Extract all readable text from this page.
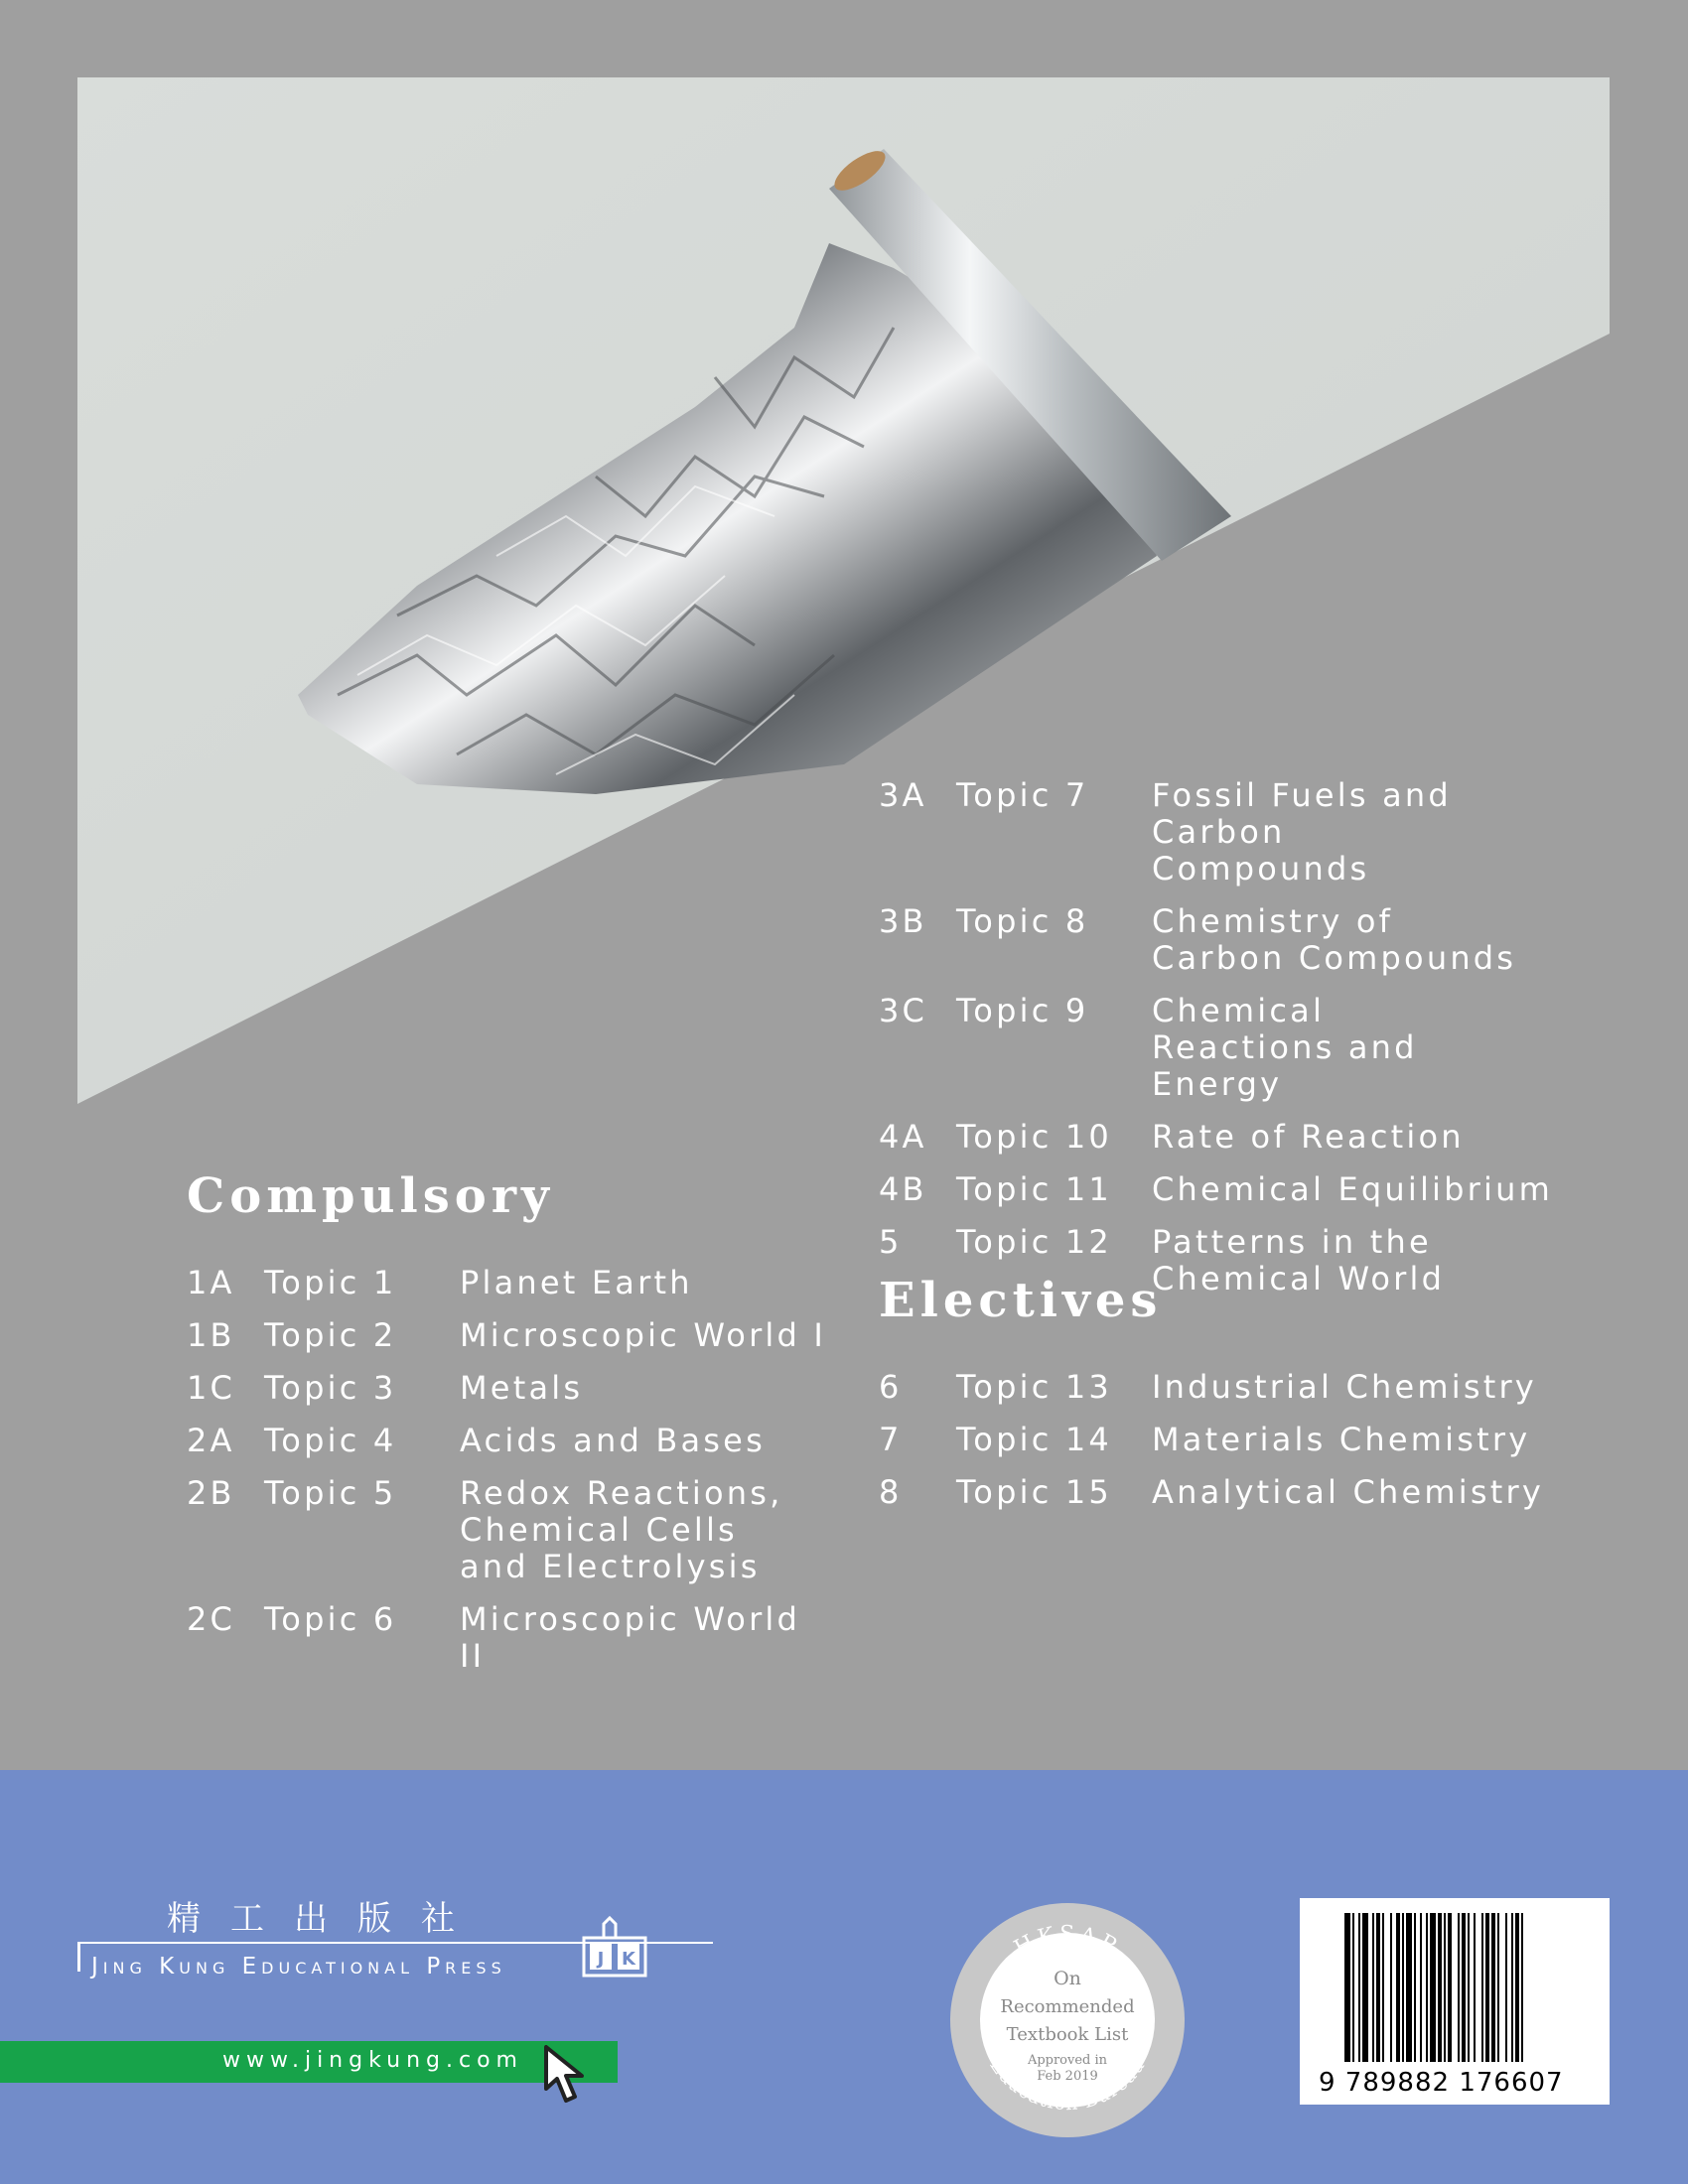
Compulsory
1A Topic 1	Planet Earth
1B Topic 2	Microscopic World I
1C Topic 3	Metals
2A Topic 4	Acids and Bases
2B Topic 5	Redox Reactions, Chemical Cells and Electrolysis
2C Topic 6	Microscopic World II
3A Topic 7	Fossil Fuels and Carbon Compounds
3B Topic 8	Chemistry of Carbon Compounds
3C Topic 9	Chemical Reactions and Energy
4A Topic 10	Rate of Reaction
4B Topic 11	Chemical Equilibrium
5	Topic 12	Patterns in the Chemical World
Electives
6	Topic 13	Industrial Chemistry
7	Topic 14	Materials Chemistry
8	Topic 15	Analytical Chemistry
精工出版社
Jing Kung Educational Press	J K
www.jingkung.com
HKSAR
Education Bureau
On
Recommended
Textbook List
Approved in
Feb 2019
✱	✱
9 789882 176607
